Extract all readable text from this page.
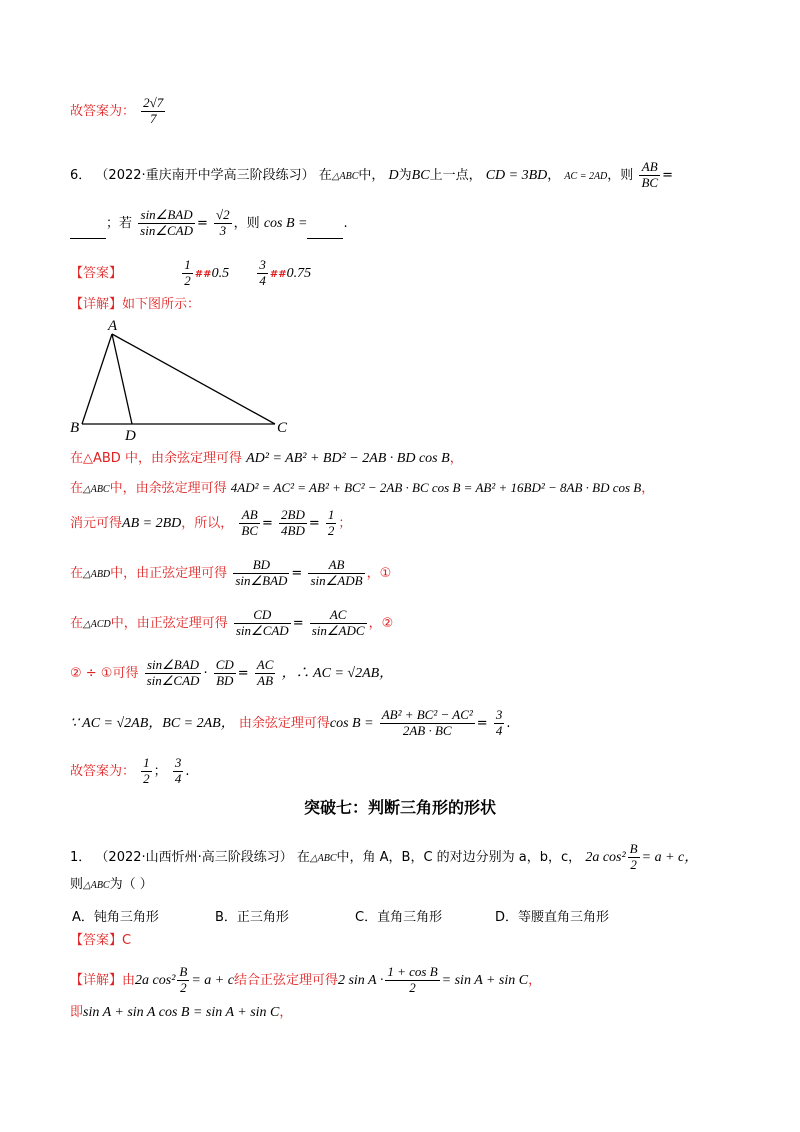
故答案为： $\frac{2√7}{7}$
6． （2022·重庆南开中学高三阶段练习） 在△ABC中， D为BC上一点， CD = 3BD， AC = 2AD，则 $\frac{AB}{BC}$ =
；若 $\frac{\text{sin∠BAD}}{\text{sin∠CAD}} = \frac{√2}{3}$ ，则 cos B =	.
【答案】	$\frac{1}{2}$ ##0.5 $\frac{3}{4}$ ##0.75
【详解】如下图所示：
A
B	D	C
在△ABD 中，由余弦定理可得 AD² = AB² + BD² − 2AB · BD cos B，
在△ABC中，由余弦定理可得 4AD² = AC² = AB² + BC² − 2AB · BC cos B = AB² + 16BD² − 8AB · BD cos B，
消元可得AB = 2BD，所以， $\frac{AB}{BC} = \frac{2BD}{4BD} = \frac{1}{2}$ ；
在△ABD中，由正弦定理可得 $\frac{BD}{\text{sin∠BAD}} = \frac{AB}{\text{sin∠ADB}}$ ，①
在△ACD中，由正弦定理可得 $\frac{CD}{\text{sin∠CAD}} = \frac{AC}{\text{sin∠ADC}}$ ，②
② ÷ ①可得 $\frac{\text{sin∠BAD}}{\text{sin∠CAD}} \cdot \frac{CD}{BD} = \frac{AC}{AB}$ ，∴ AC = √2AB，
∵ AC = √2AB，BC = 2AB， 由余弦定理可得$\cos B = \frac{\text{AB² + BC² − AC²}}{2AB \cdot BC} = \frac{3}{4}$ .
故答案为： $\frac{1}{2}$ ； $\frac{3}{4}$ .
突破七：判断三角形的形状
1． （2022·山西忻州·高三阶段练习） 在△ABC中，角 A，B，C 的对边分别为 a，b，c， 2a $\cos^2 \frac{B}{2} = a + c$，
则△ABC为（ ）
A．钝角三角形	B．正三角形	C．直角三角形	D．等腰直角三角形
【答案】C
【详解】由2a $\cos^2 \frac{B}{2} = a + c$结合正弦定理可得2 $\sin A \cdot \frac{\text{1 + cos B}}{2} = \sin A + \sin C$，
即sin A + sin A cos B = sin A + sin C，
